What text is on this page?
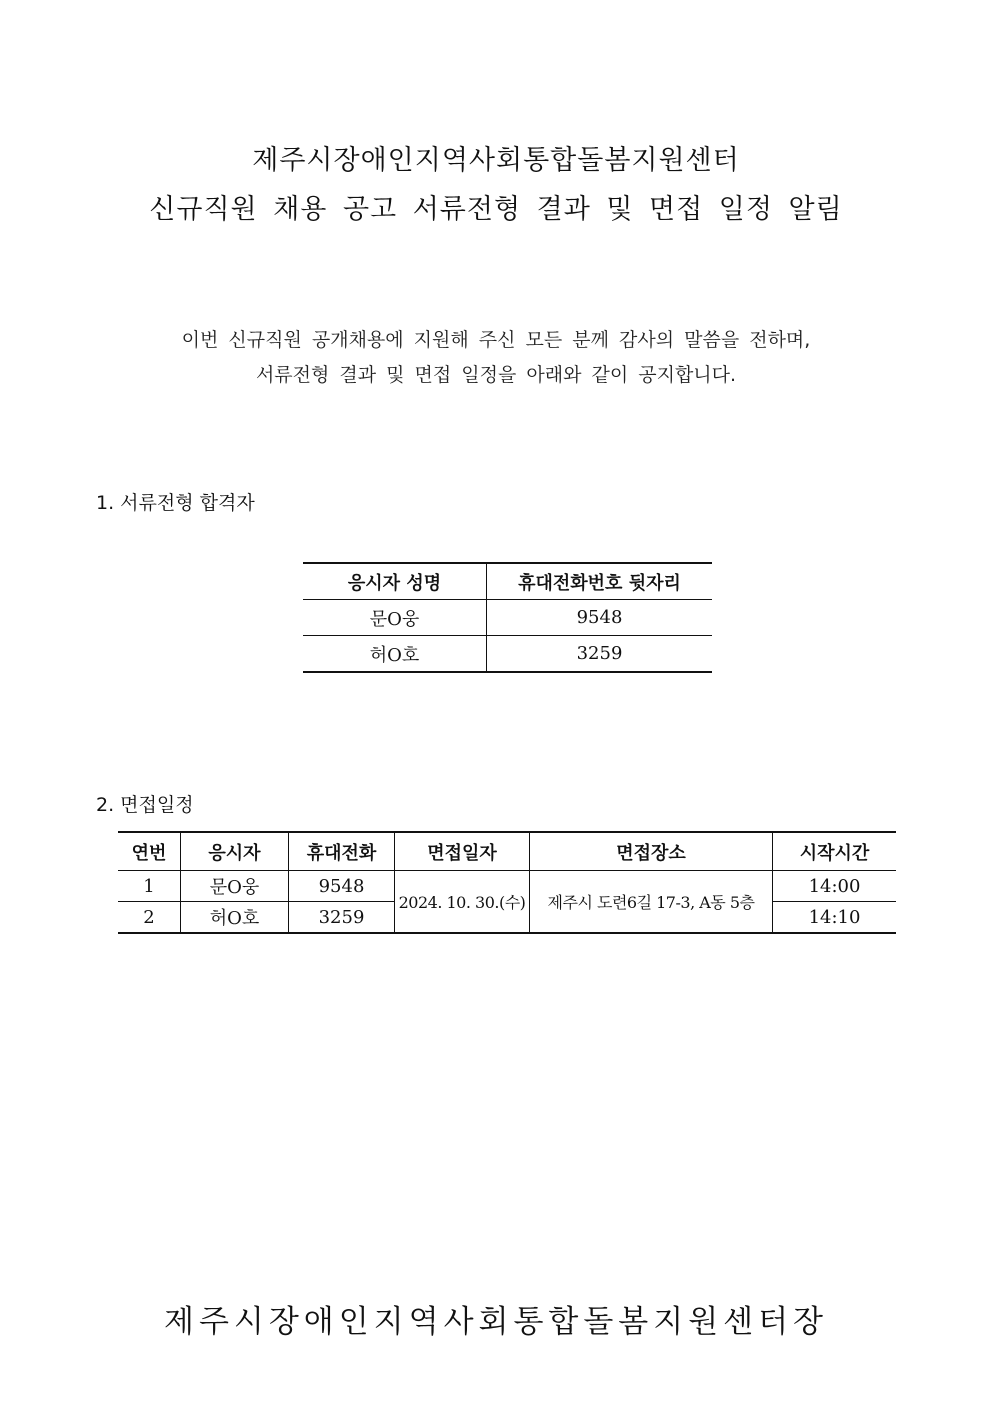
제주시장애인지역사회통합돌봄지원센터
신규직원 채용 공고 서류전형 결과 및 면접 일정 알림
이번 신규직원 공개채용에 지원해 주신 모든 분께 감사의 말씀을 전하며,
서류전형 결과 및 면접 일정을 아래와 같이 공지합니다.
1. 서류전형 합격자
응시자 성명	휴대전화번호 뒷자리
문O웅	9548
허O호	3259
2. 면접일정
연번	응시자	휴대전화	면접일자	면접장소	시작시간
1	문O웅	9548	2024. 10. 30.(수)	제주시 도련6길 17-3, A동 5층	14:00
2	허O호	3259			14:10
제주시장애인지역사회통합돌봄지원센터장
